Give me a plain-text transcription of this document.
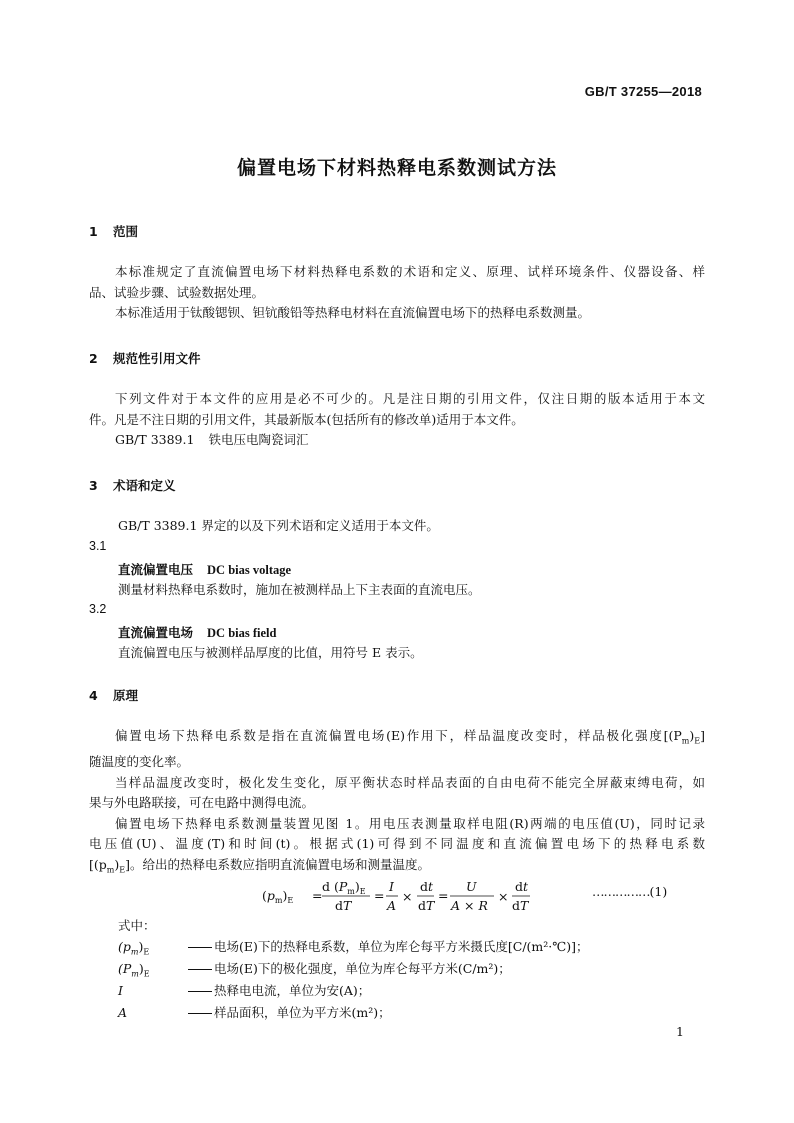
GB/T 37255—2018
偏置电场下材料热释电系数测试方法
1 范围
本标准规定了直流偏置电场下材料热释电系数的术语和定义、原理、试样环境条件、仪器设备、样
品、试验步骤、试验数据处理。
本标准适用于钛酸锶钡、钽钪酸铅等热释电材料在直流偏置电场下的热释电系数测量。
2 规范性引用文件
下列文件对于本文件的应用是必不可少的。凡是注日期的引用文件，仅注日期的版本适用于本文
件。凡是不注日期的引用文件，其最新版本(包括所有的修改单)适用于本文件。
GB/T 3389.1 铁电压电陶瓷词汇
3 术语和定义
GB/T 3389.1 界定的以及下列术语和定义适用于本文件。
3.1
直流偏置电压 DC bias voltage
测量材料热释电系数时，施加在被测样品上下主表面的直流电压。
3.2
直流偏置电场 DC bias field
直流偏置电压与被测样品厚度的比值，用符号 E 表示。
4 原理
偏置电场下热释电系数是指在直流偏置电场(E)作用下，样品温度改变时，样品极化强度$[(P_m)_E]$
随温度的变化率。
当样品温度改变时，极化发生变化，原平衡状态时样品表面的自由电荷不能完全屏蔽束缚电荷，如
果与外电路联接，可在电路中测得电流。
偏置电场下热释电系数测量装置见图 1。用电压表测量取样电阻(R)两端的电压值(U)，同时记录
电压值(U)、温度(T)和时间(t)。根据式(1)可得到不同温度和直流偏置电场下的热释电系数
$[(p_m)_E]$。给出的热释电系数应指明直流偏置电场和测量温度。
$(p_m)_E$ =
d $(P_m)_E$
dT
=
I
A
×
dt
dT
=
U
A × R
×
dt
dT
……………(1)
式中：
$(p_m)_E$	电场(E)下的热释电系数，单位为库仑每平方米摄氏度[C/(m²·℃)]；
$(P_m)_E$	电场(E)下的极化强度，单位为库仑每平方米(C/m²)；
I	热释电电流，单位为安(A)；
A	样品面积，单位为平方米(m²)；
1
